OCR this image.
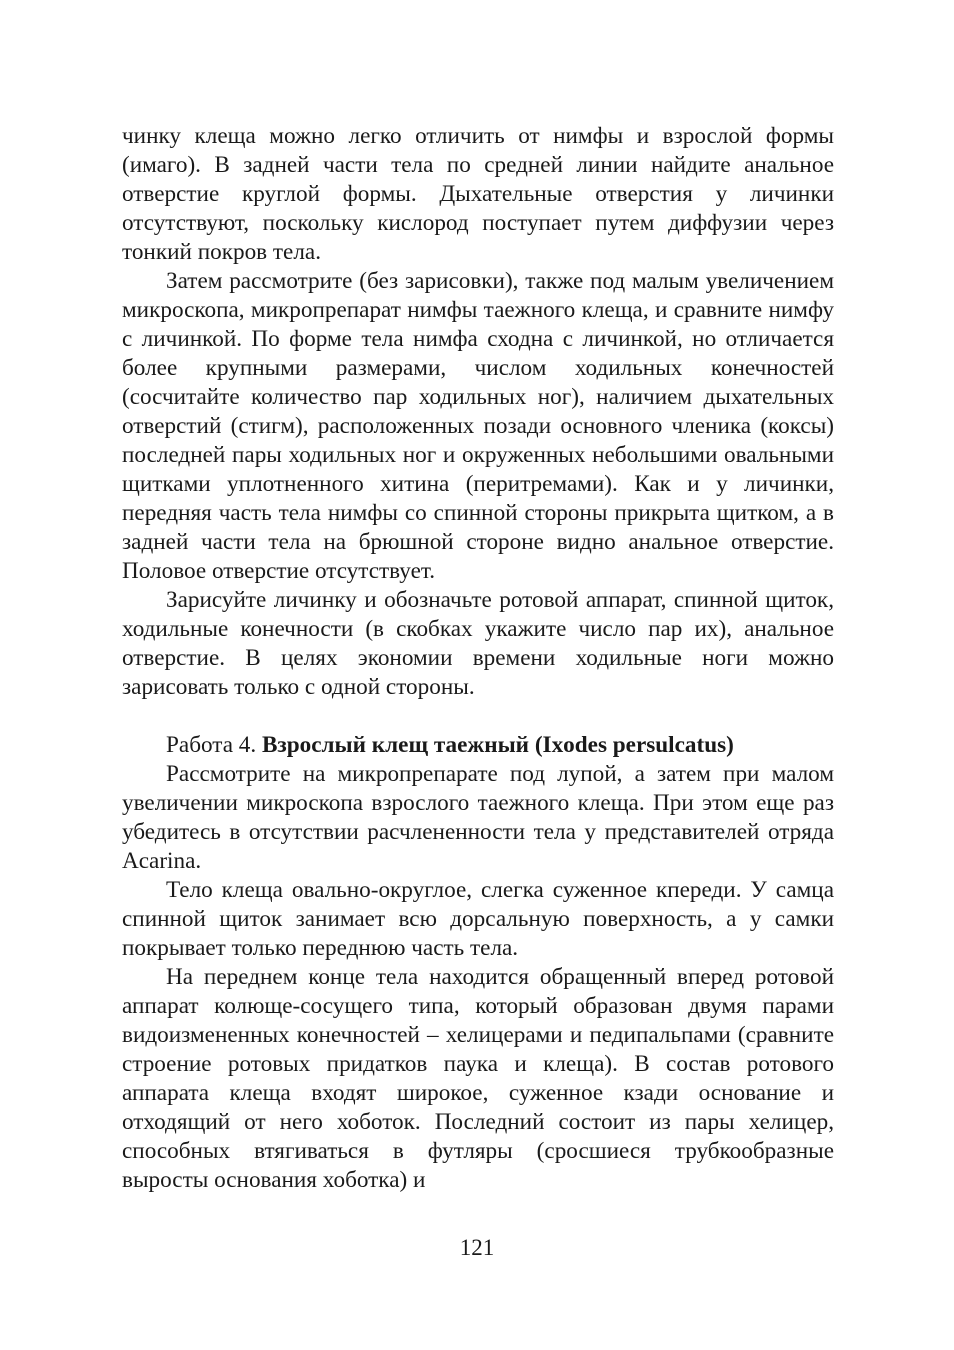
чинку клеща можно легко отличить от нимфы и взрослой формы (имаго). В задней части тела по средней линии найдите анальное отверстие круглой формы. Дыхательные отверстия у личинки отсутствуют, поскольку кислород поступает путем диффузии через тонкий покров тела.

Затем рассмотрите (без зарисовки), также под малым увеличением микроскопа, микропрепарат нимфы таежного клеща, и сравните нимфу с личинкой. По форме тела нимфа сходна с личинкой, но отличается более крупными размерами, числом ходильных конечностей (сосчитайте количество пар ходильных ног), наличием дыхательных отверстий (стигм), расположенных позади основного членика (коксы) последней пары ходильных ног и окруженных небольшими овальными щитками уплотненного хитина (перитремами). Как и у личинки, передняя часть тела нимфы со спинной стороны прикрыта щитком, а в задней части тела на брюшной стороне видно анальное отверстие. Половое отверстие отсутствует.

Зарисуйте личинку и обозначьте ротовой аппарат, спинной щиток, ходильные конечности (в скобках укажите число пар их), анальное отверстие. В целях экономии времени ходильные ноги можно зарисовать только с одной стороны.

Работа 4. Взрослый клещ таежный (Ixodes persulcatus)

Рассмотрите на микропрепарате под лупой, а затем при малом увеличении микроскопа взрослого таежного клеща. При этом еще раз убедитесь в отсутствии расчлененности тела у представителей отряда Acarina.

Тело клеща овально-округлое, слегка суженное кпереди. У самца спинной щиток занимает всю дорсальную поверхность, а у самки покрывает только переднюю часть тела.

На переднем конце тела находится обращенный вперед ротовой аппарат колюще-сосущего типа, который образован двумя парами видоизмененных конечностей – хелицерами и педипальпами (сравните строение ротовых придатков паука и клеща). В состав ротового аппарата клеща входят широкое, суженное кзади основание и отходящий от него хоботок. Последний состоит из пары хелицер, способных втягиваться в футляры (сросшиеся трубкообразные выросты основания хоботка) и

121
